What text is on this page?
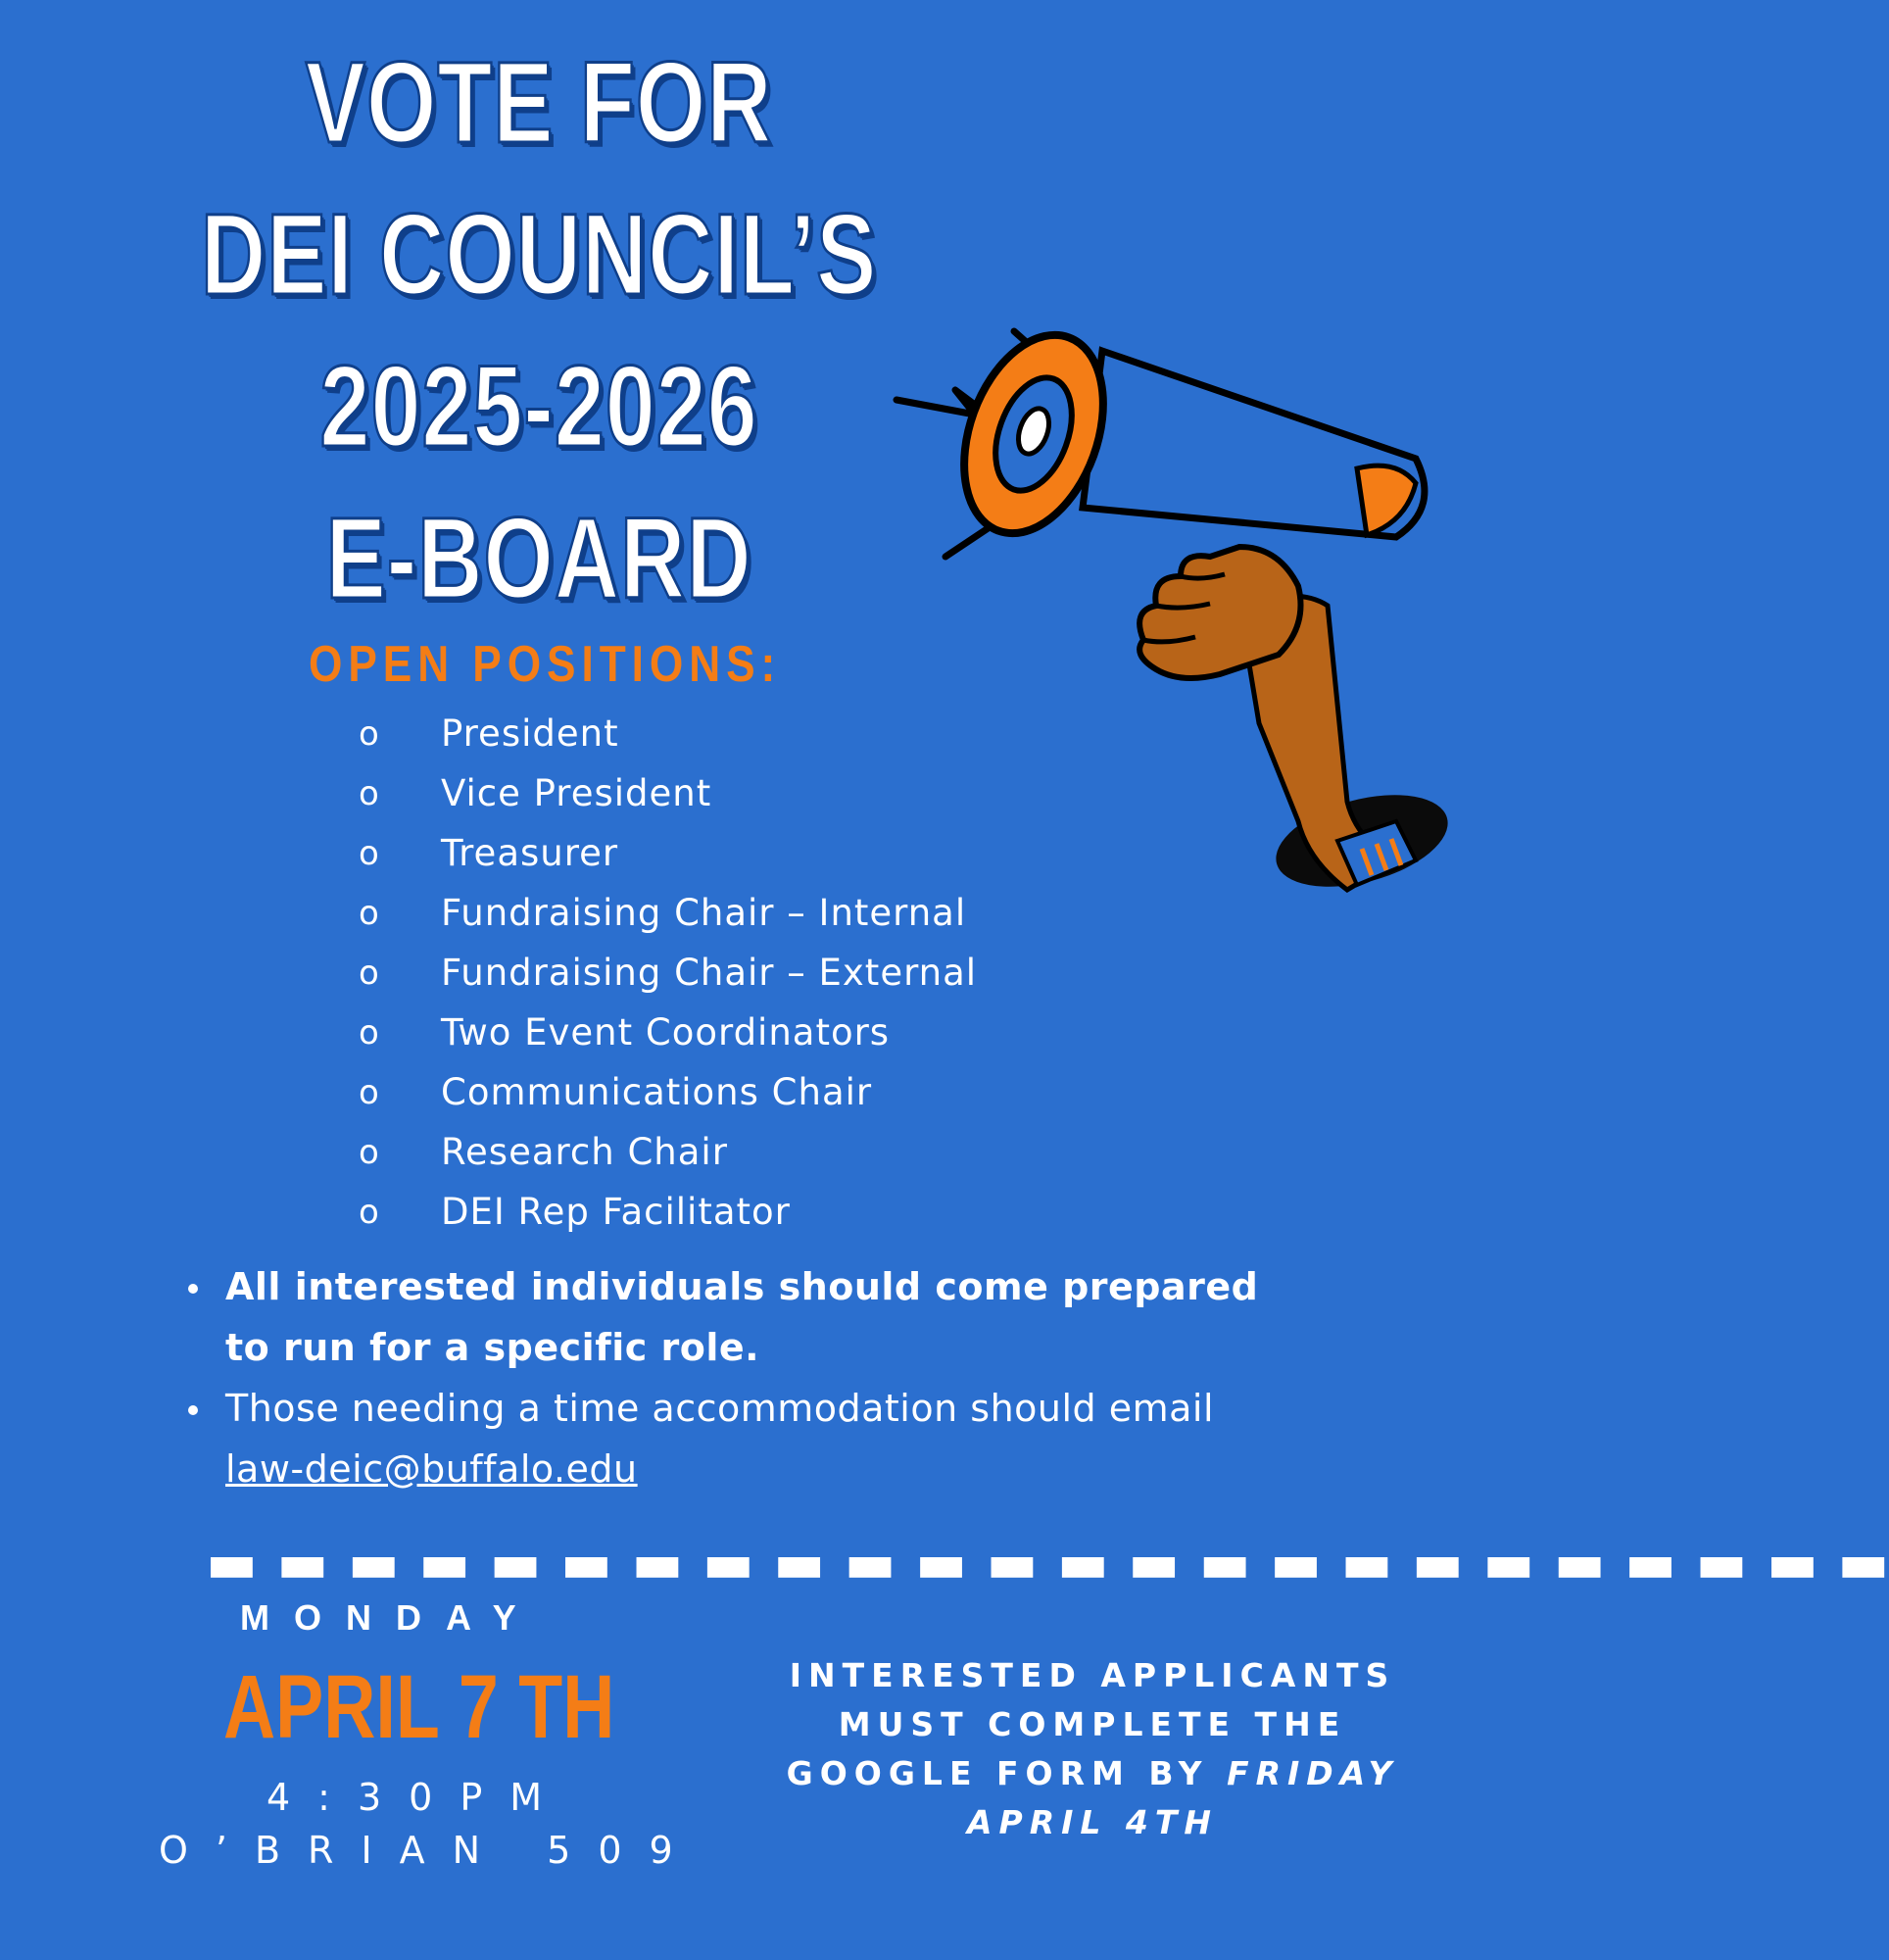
VOTE FOR
DEI COUNCIL’S
2025-2026
E-BOARD
OPEN POSITIONS:
o	President
o	Vice President
o	Treasurer
o	Fundraising Chair – Internal
o	Fundraising Chair – External
o	Two Event Coordinators
o	Communications Chair
o	Research Chair
o	DEI Rep Facilitator
All interested individuals should come prepared to run for a specific role.
Those needing a time accommodation should email
law-deic@buffalo.edu
▬ ▬ ▬ ▬ ▬ ▬ ▬ ▬ ▬ ▬ ▬ ▬ ▬ ▬ ▬ ▬ ▬ ▬ ▬ ▬ ▬ ▬ ▬ ▬
MONDAY
APRIL 7 TH
4:30PM
O’BRIAN 509
INTERESTED APPLICANTS MUST COMPLETE THE GOOGLE FORM BY FRIDAY APRIL 4TH
